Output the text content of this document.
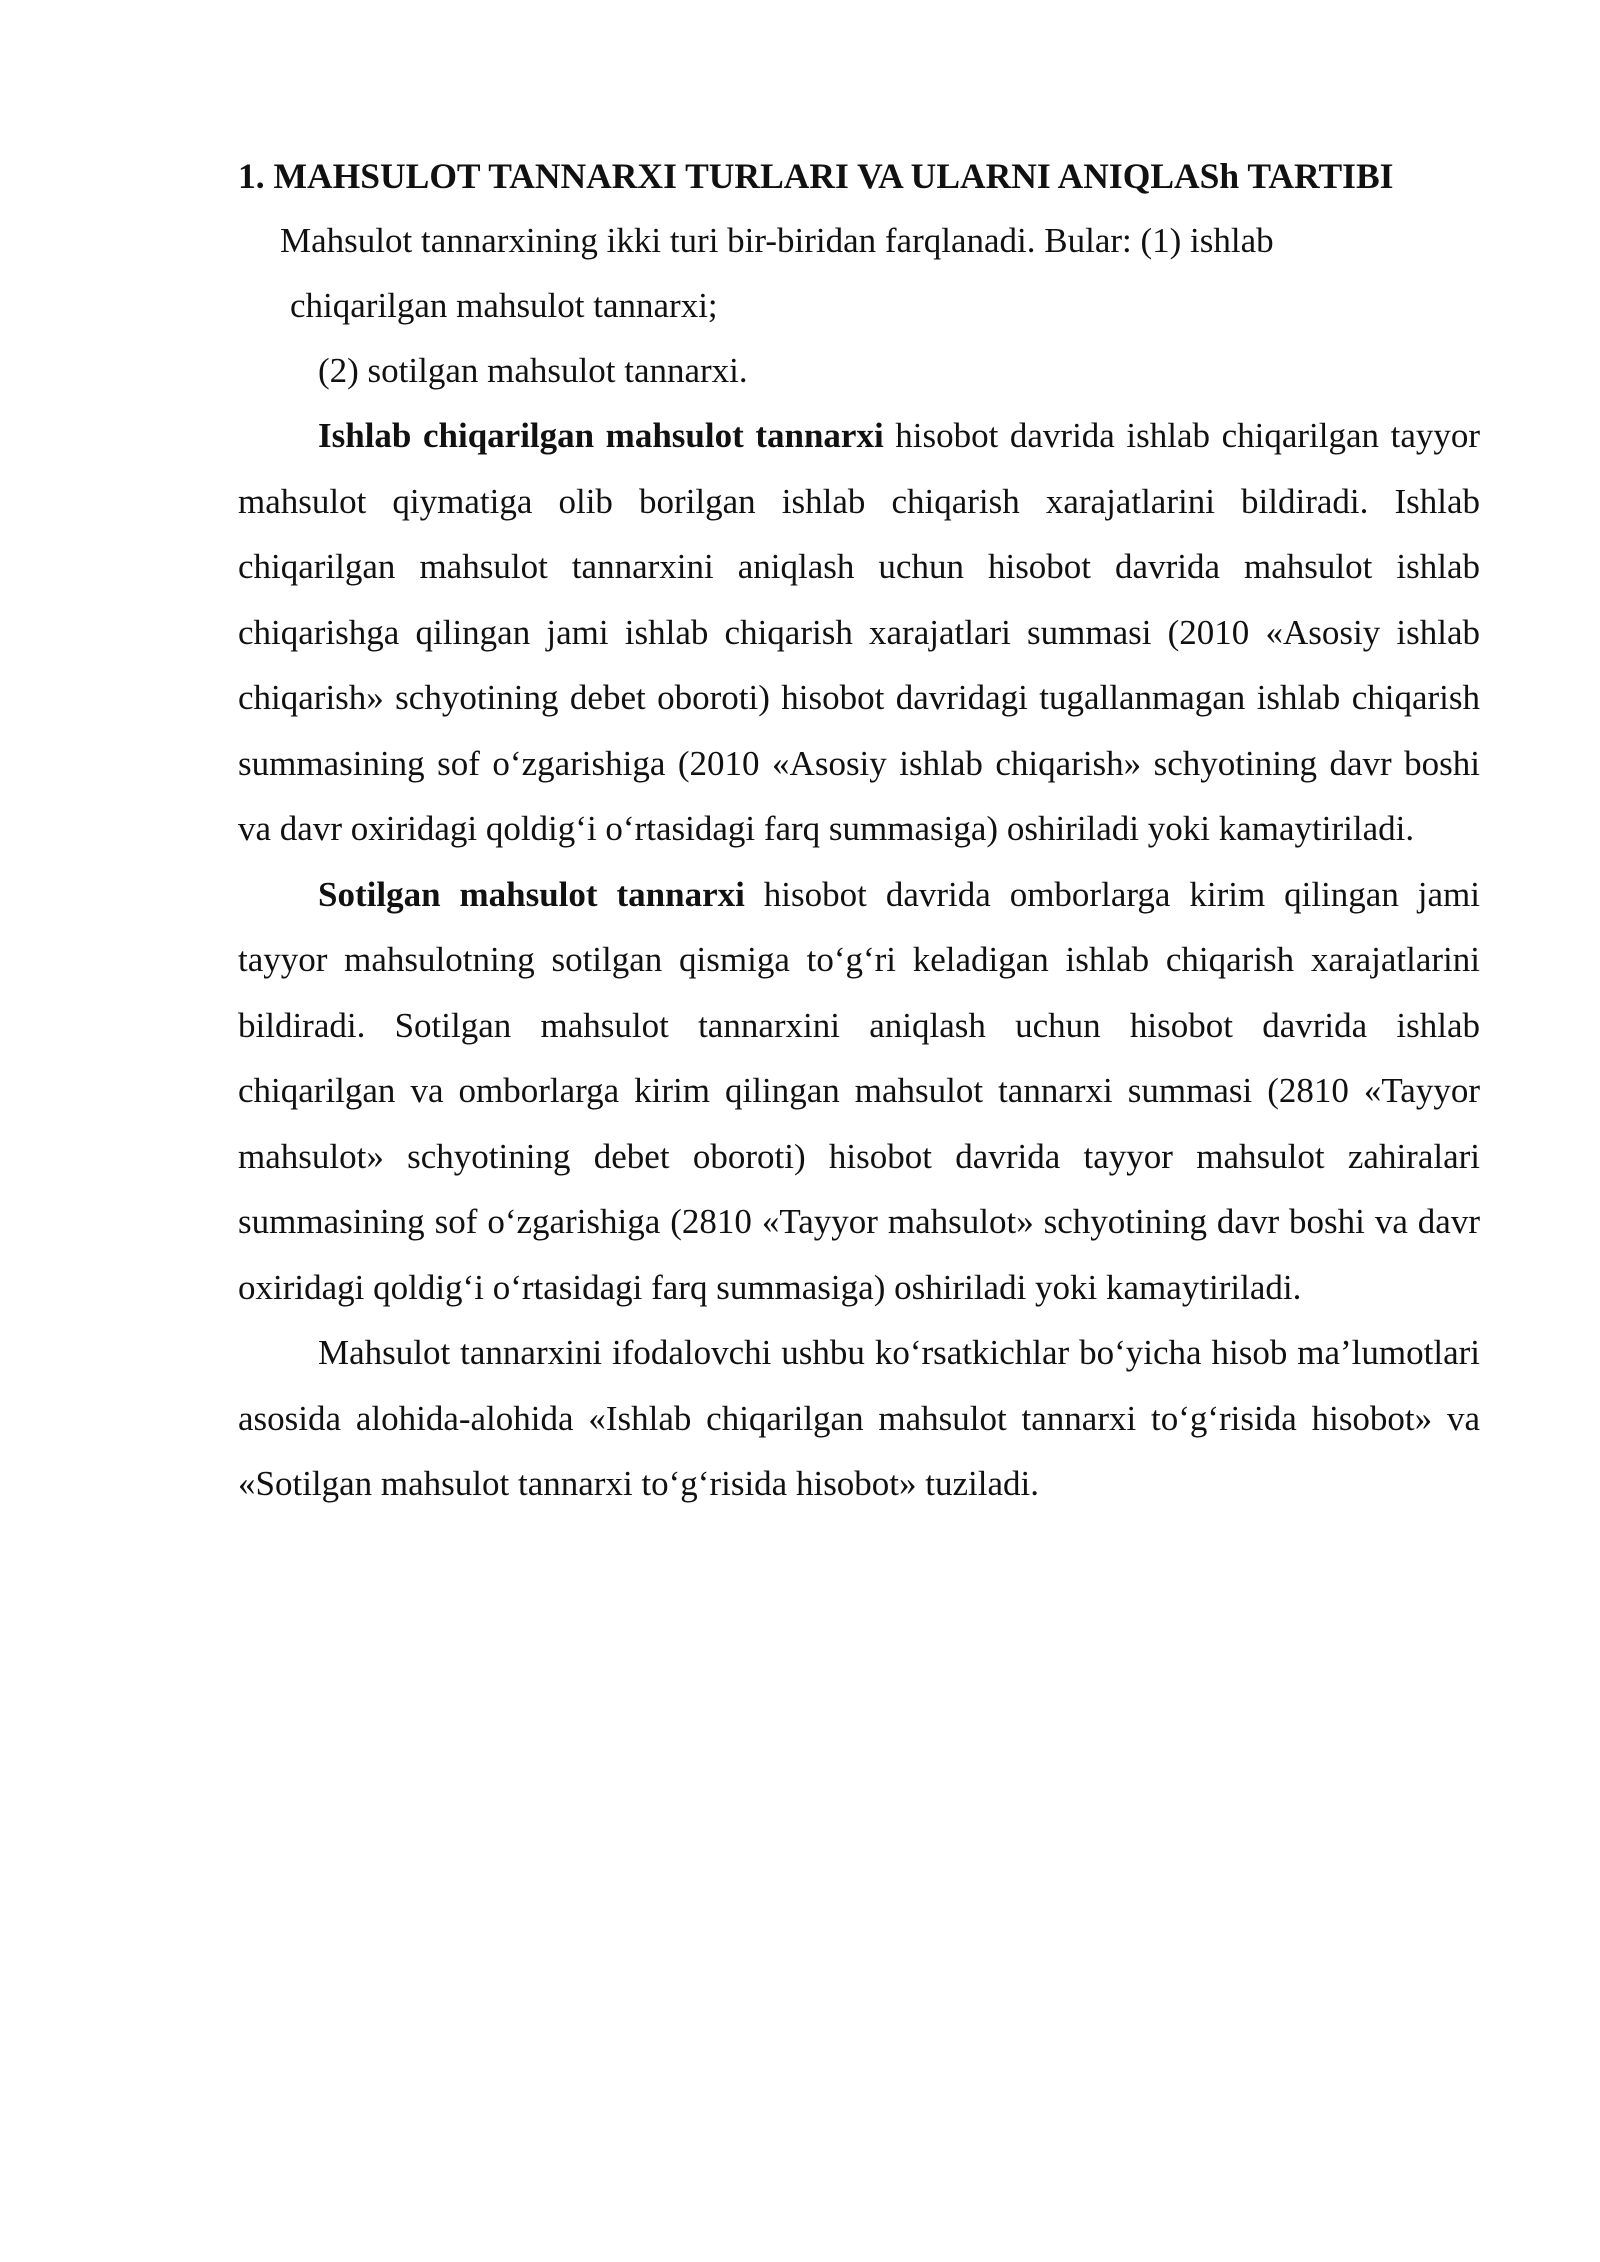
1. MAHSULOT TANNARXI TURLARI VA ULARNI ANIQLASh TARTIBI

Mahsulot tannarxining ikki turi bir-biridan farqlanadi. Bular: (1) ishlab chiqarilgan mahsulot tannarxi;

(2) sotilgan mahsulot tannarxi.

Ishlab chiqarilgan mahsulot tannarxi hisobot davrida ishlab chiqarilgan tayyor mahsulot qiymatiga olib borilgan ishlab chiqarish xarajatlarini bildiradi. Ishlab chiqarilgan mahsulot tannarxini aniqlash uchun hisobot davrida mahsulot ishlab chiqarishga qilingan jami ishlab chiqarish xarajatlari summasi (2010 «Asosiy ishlab chiqarish» schyotining debet oboroti) hisobot davridagi tugallanmagan ishlab chiqarish summasining sof o‘zgarishiga (2010 «Asosiy ishlab chiqarish» schyotining davr boshi va davr oxiridagi qoldig‘i o‘rtasidagi farq summasiga) oshiriladi yoki kamaytiriladi.

Sotilgan mahsulot tannarxi hisobot davrida omborlarga kirim qilingan jami tayyor mahsulotning sotilgan qismiga to‘g‘ri keladigan ishlab chiqarish xarajatlarini bildiradi. Sotilgan mahsulot tannarxini aniqlash uchun hisobot davrida ishlab chiqarilgan va omborlarga kirim qilingan mahsulot tannarxi summasi (2810 «Tayyor mahsulot» schyotining debet oboroti) hisobot davrida tayyor mahsulot zahiralari summasining sof o‘zgarishiga (2810 «Tayyor mahsulot» schyotining davr boshi va davr oxiridagi qoldig‘i o‘rtasidagi farq summasiga) oshiriladi yoki kamaytiriladi.

Mahsulot tannarxini ifodalovchi ushbu ko‘rsatkichlar bo‘yicha hisob ma’lumotlari asosida alohida-alohida «Ishlab chiqarilgan mahsulot tannarxi to‘g‘risida hisobot» va «Sotilgan mahsulot tannarxi to‘g‘risida hisobot» tuziladi.
